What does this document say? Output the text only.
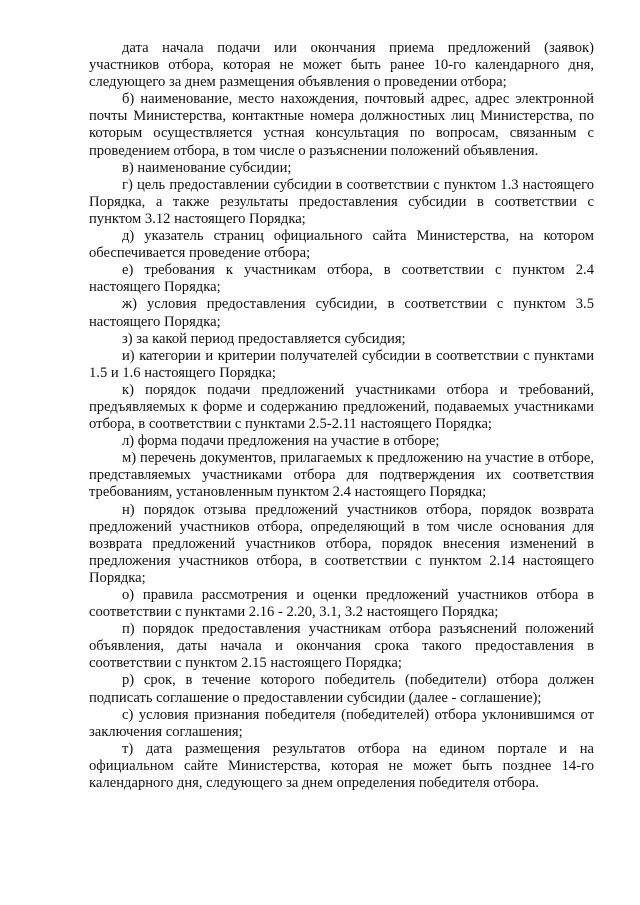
дата начала подачи или окончания приема предложений (заявок) участников отбора, которая не может быть ранее 10-го календарного дня, следующего за днем размещения объявления о проведении отбора;

б) наименование, место нахождения, почтовый адрес, адрес электронной почты Министерства, контактные номера должностных лиц Министерства, по которым осуществляется устная консультация по вопросам, связанным с проведением отбора, в том числе о разъяснении положений объявления.

в) наименование субсидии;

г) цель предоставлении субсидии в соответствии с пунктом 1.3 настоящего Порядка, а также результаты предоставления субсидии в соответствии с пунктом 3.12 настоящего Порядка;

д) указатель страниц официального сайта Министерства, на котором обеспечивается проведение отбора;

е) требования к участникам отбора, в соответствии с пунктом 2.4 настоящего Порядка;

ж) условия предоставления субсидии, в соответствии с пунктом 3.5 настоящего Порядка;

з) за какой период предоставляется субсидия;

и) категории и критерии получателей субсидии в соответствии с пунктами 1.5 и 1.6 настоящего Порядка;

к) порядок подачи предложений участниками отбора и требований, предъявляемых к форме и содержанию предложений, подаваемых участниками отбора, в соответствии с пунктами 2.5-2.11 настоящего Порядка;

л) форма подачи предложения на участие в отборе;

м) перечень документов, прилагаемых к предложению на участие в отборе, представляемых участниками отбора для подтверждения их соответствия требованиям, установленным пунктом 2.4 настоящего Порядка;

н) порядок отзыва предложений участников отбора, порядок возврата предложений участников отбора, определяющий в том числе основания для возврата предложений участников отбора, порядок внесения изменений в предложения участников отбора, в соответствии с пунктом 2.14 настоящего Порядка;

о) правила рассмотрения и оценки предложений участников отбора в соответствии с пунктами 2.16 - 2.20, 3.1, 3.2 настоящего Порядка;

п) порядок предоставления участникам отбора разъяснений положений объявления, даты начала и окончания срока такого предоставления в соответствии с пунктом 2.15 настоящего Порядка;

р) срок, в течение которого победитель (победители) отбора должен подписать соглашение о предоставлении субсидии (далее - соглашение);

с) условия признания победителя (победителей) отбора уклонившимся от заключения соглашения;

т) дата размещения результатов отбора на едином портале и на официальном сайте Министерства, которая не может быть позднее 14-го календарного дня, следующего за днем определения победителя отбора.
